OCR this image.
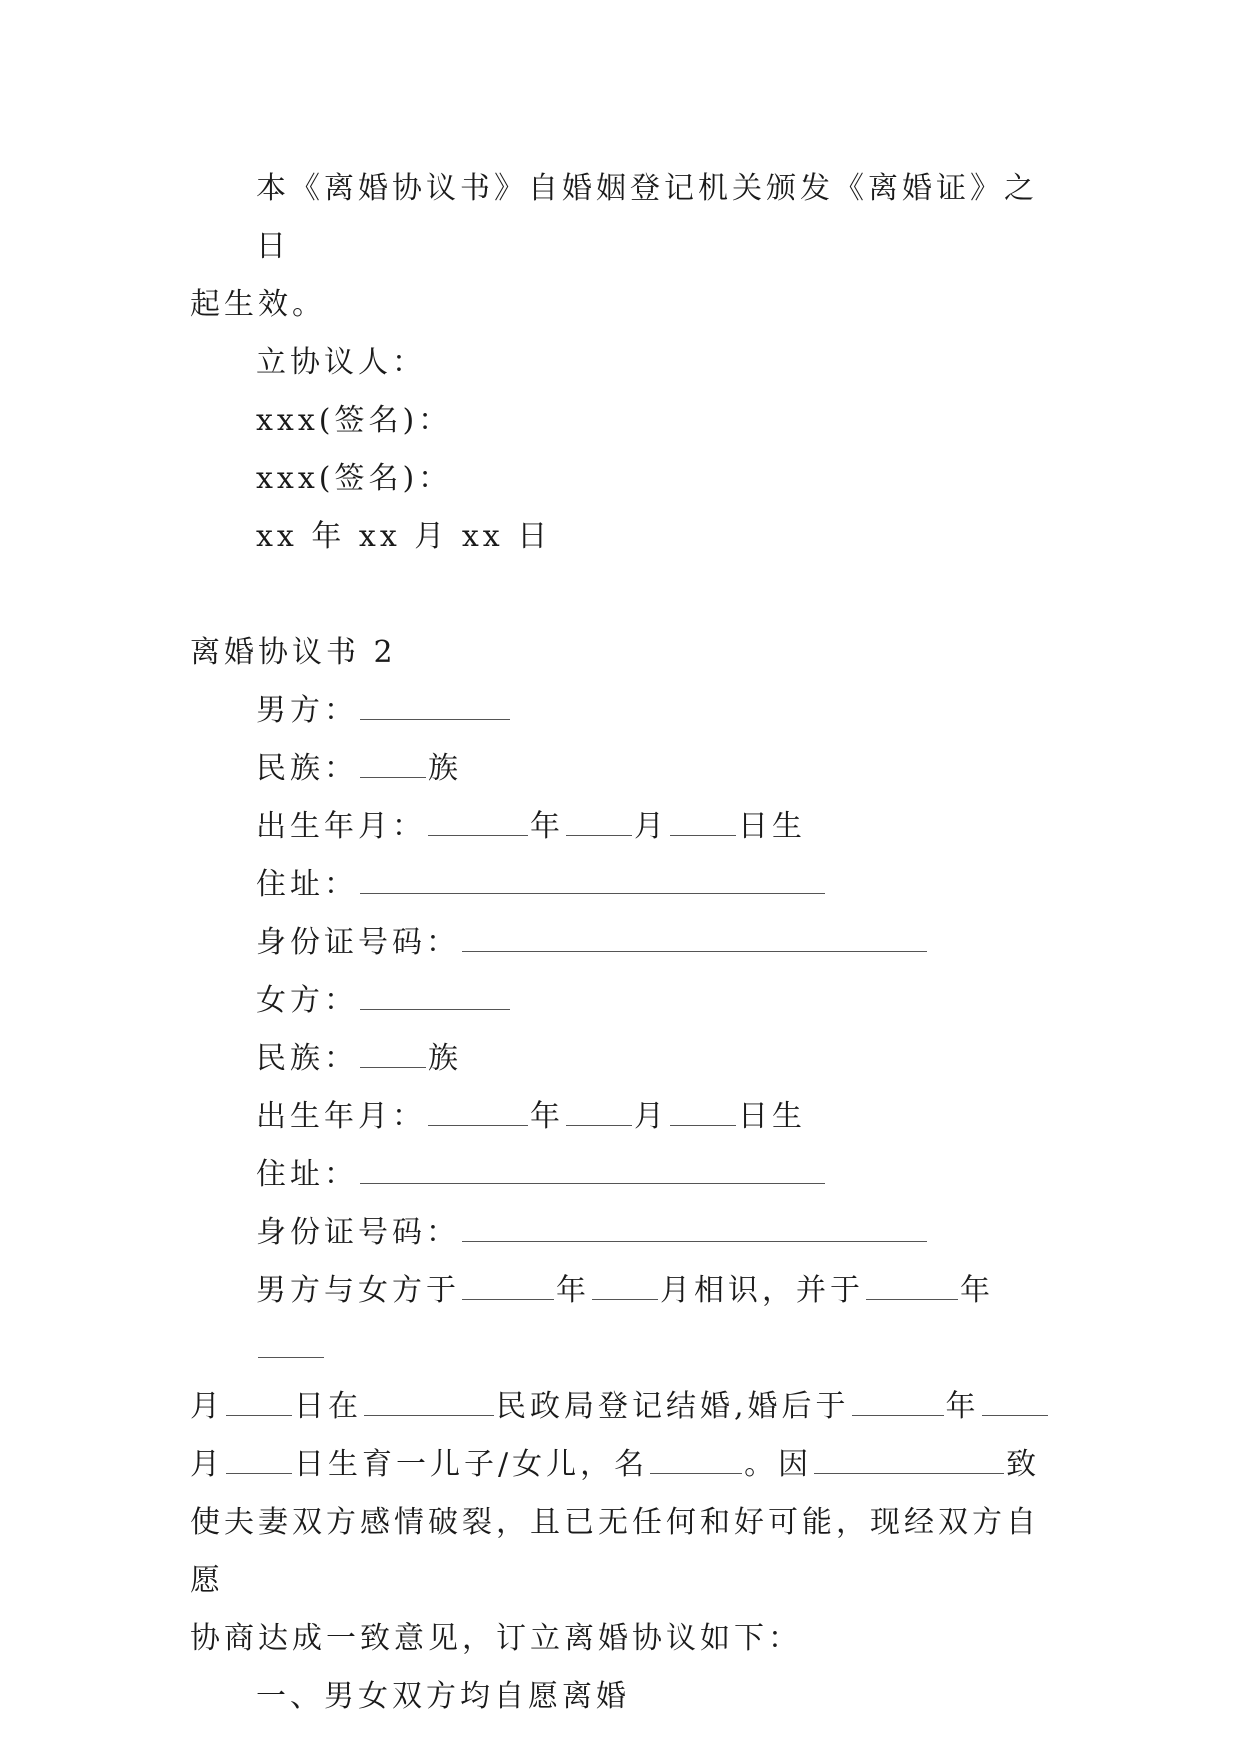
本《离婚协议书》自婚姻登记机关颁发《离婚证》之日

起生效。

立协议人：

xxx(签名)：

xxx(签名)：

xx 年 xx 月 xx 日

离婚协议书 2

男方：

民族： 族

出生年月：	年 月 日生

住址：

身份证号码：

女方：

民族： 族

出生年月：	年 月 日生

住址：

身份证号码：

男方与女方于	年 月相识，并于	年

月 日在	民政局登记结婚,婚后于	年

月 日生育一儿子/女儿，名	。因	致

使夫妻双方感情破裂，且已无任何和好可能，现经双方自愿

协商达成一致意见，订立离婚协议如下：

一、男女双方均自愿离婚
